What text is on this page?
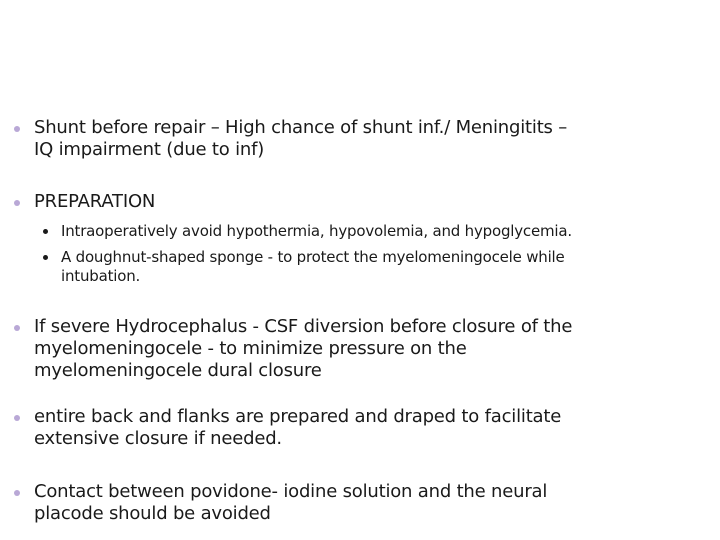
Shunt before repair – High chance of shunt inf./ Meningitits –
IQ impairment (due to inf)
PREPARATION
Intraoperatively avoid hypothermia, hypovolemia, and hypoglycemia.
A doughnut-shaped sponge - to protect the myelomeningocele while
intubation.
If severe Hydrocephalus - CSF diversion before closure of the
myelomeningocele - to minimize pressure on the
myelomeningocele dural closure
entire back and flanks are prepared and draped to facilitate
extensive closure if needed.
Contact between povidone- iodine solution and the neural
placode should be avoided
